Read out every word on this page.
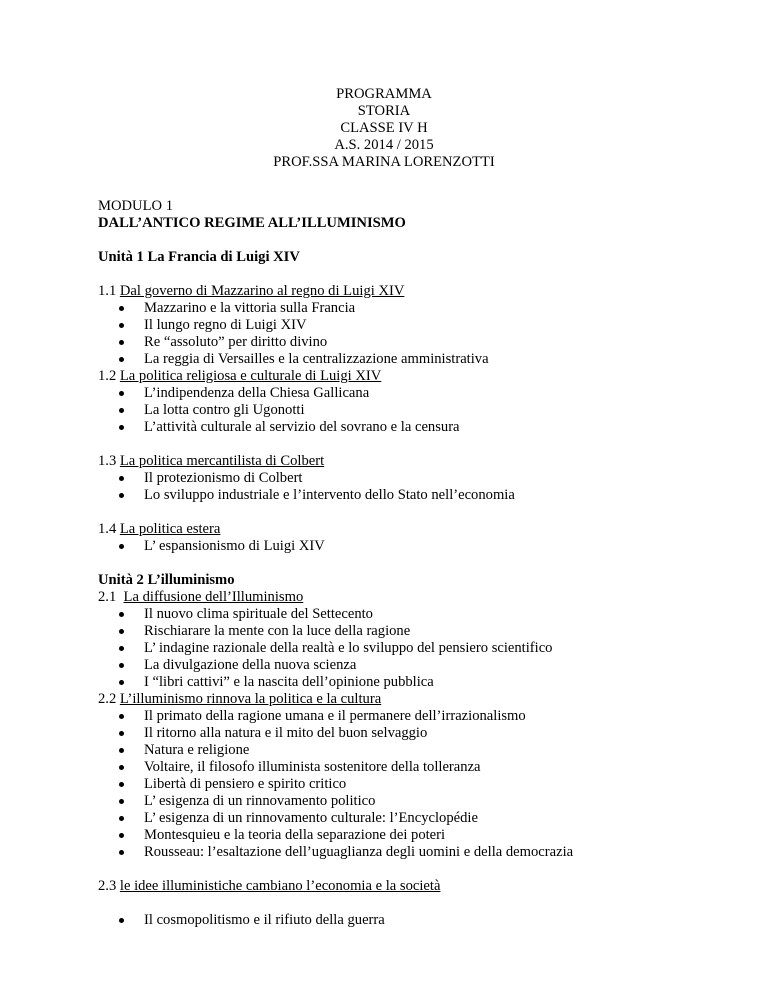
PROGRAMMA
STORIA
CLASSE IV H
A.S. 2014 / 2015
PROF.SSA MARINA LORENZOTTI
MODULO 1
DALL’ANTICO REGIME ALL’ILLUMINISMO
Unità 1 La Francia di Luigi XIV
1.1 Dal governo di Mazzarino al regno di Luigi XIV
Mazzarino e la vittoria sulla Francia
Il lungo regno di Luigi XIV
Re “assoluto” per diritto divino
La reggia di Versailles e la centralizzazione amministrativa
1.2 La politica religiosa e culturale di Luigi XIV
L’indipendenza della Chiesa Gallicana
La lotta contro gli Ugonotti
L’attività culturale al servizio del sovrano e la censura
1.3 La politica mercantilista di Colbert
Il protezionismo di Colbert
Lo sviluppo industriale e l’intervento dello Stato nell’economia
1.4 La politica estera
L’ espansionismo di Luigi XIV
Unità 2 L’illuminismo
2.1  La diffusione dell’Illuminismo
Il nuovo clima spirituale del Settecento
Rischiarare la mente con la luce della ragione
L’ indagine razionale della realtà e lo sviluppo del pensiero scientifico
La divulgazione della nuova scienza
I “libri cattivi” e la nascita dell’opinione pubblica
2.2 L’illuminismo rinnova la politica e la cultura
Il primato della ragione umana e il permanere dell’irrazionalismo
Il ritorno alla natura e il mito del buon selvaggio
Natura e religione
Voltaire, il filosofo illuminista sostenitore della tolleranza
Libertà di pensiero e spirito critico
L’ esigenza di un rinnovamento politico
L’ esigenza di un rinnovamento culturale: l’Encyclopédie
Montesquieu e la teoria della separazione dei poteri
Rousseau: l’esaltazione dell’uguaglianza degli uomini e della democrazia
2.3 le idee illuministiche cambiano l’economia e la società
Il cosmopolitismo e il rifiuto della guerra
